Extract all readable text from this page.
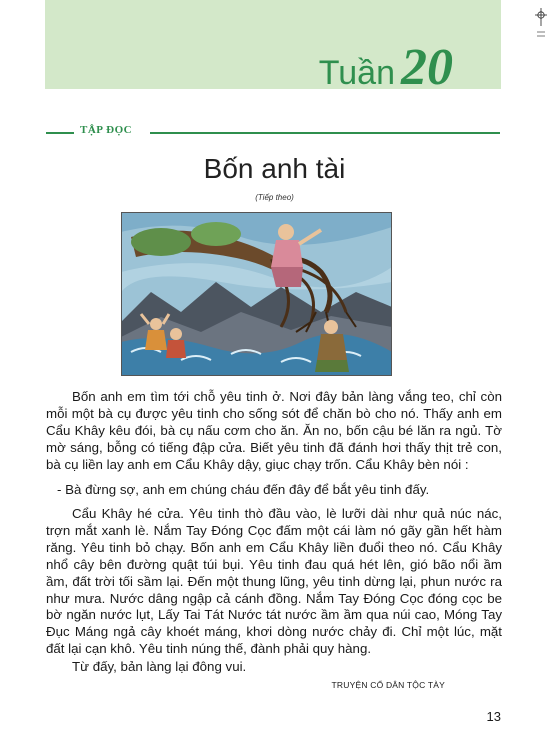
Tuần 20
TẬP ĐỌC
Bốn anh tài
(Tiếp theo)

Bốn anh em tìm tới chỗ yêu tinh ở. Nơi đây bản làng vắng teo, chỉ còn mỗi một bà cụ được yêu tinh cho sống sót để chăn bò cho nó. Thấy anh em Cẩu Khây kêu đói, bà cụ nấu cơm cho ăn. Ăn no, bốn cậu bé lăn ra ngủ. Tờ mờ sáng, bỗng có tiếng đập cửa. Biết yêu tinh đã đánh hơi thấy thịt trẻ con, bà cụ liền lay anh em Cẩu Khây dậy, giục chạy trốn. Cẩu Khây bèn nói :

- Bà đừng sợ, anh em chúng cháu đến đây để bắt yêu tinh đấy.

Cẩu Khây hé cửa. Yêu tinh thò đầu vào, lè lưỡi dài như quả núc nác, trợn mắt xanh lè. Nắm Tay Đóng Cọc đấm một cái làm nó gãy gần hết hàm răng. Yêu tinh bỏ chạy. Bốn anh em Cẩu Khây liền đuổi theo nó. Cẩu Khây nhổ cây bên đường quật túi bụi. Yêu tinh đau quá hét lên, gió bão nổi ầm ầm, đất trời tối sầm lại. Đến một thung lũng, yêu tinh dừng lại, phun nước ra như mưa. Nước dâng ngập cả cánh đồng. Nắm Tay Đóng Cọc đóng cọc be bờ ngăn nước lụt, Lấy Tai Tát Nước tát nước ầm ầm qua núi cao, Móng Tay Đục Máng ngả cây khoét máng, khơi dòng nước chảy đi. Chỉ một lúc, mặt đất lại cạn khô. Yêu tinh núng thế, đành phải quy hàng.

Từ đấy, bản làng lại đông vui.

TRUYỆN CỔ DÂN TỘC TÀY
13
